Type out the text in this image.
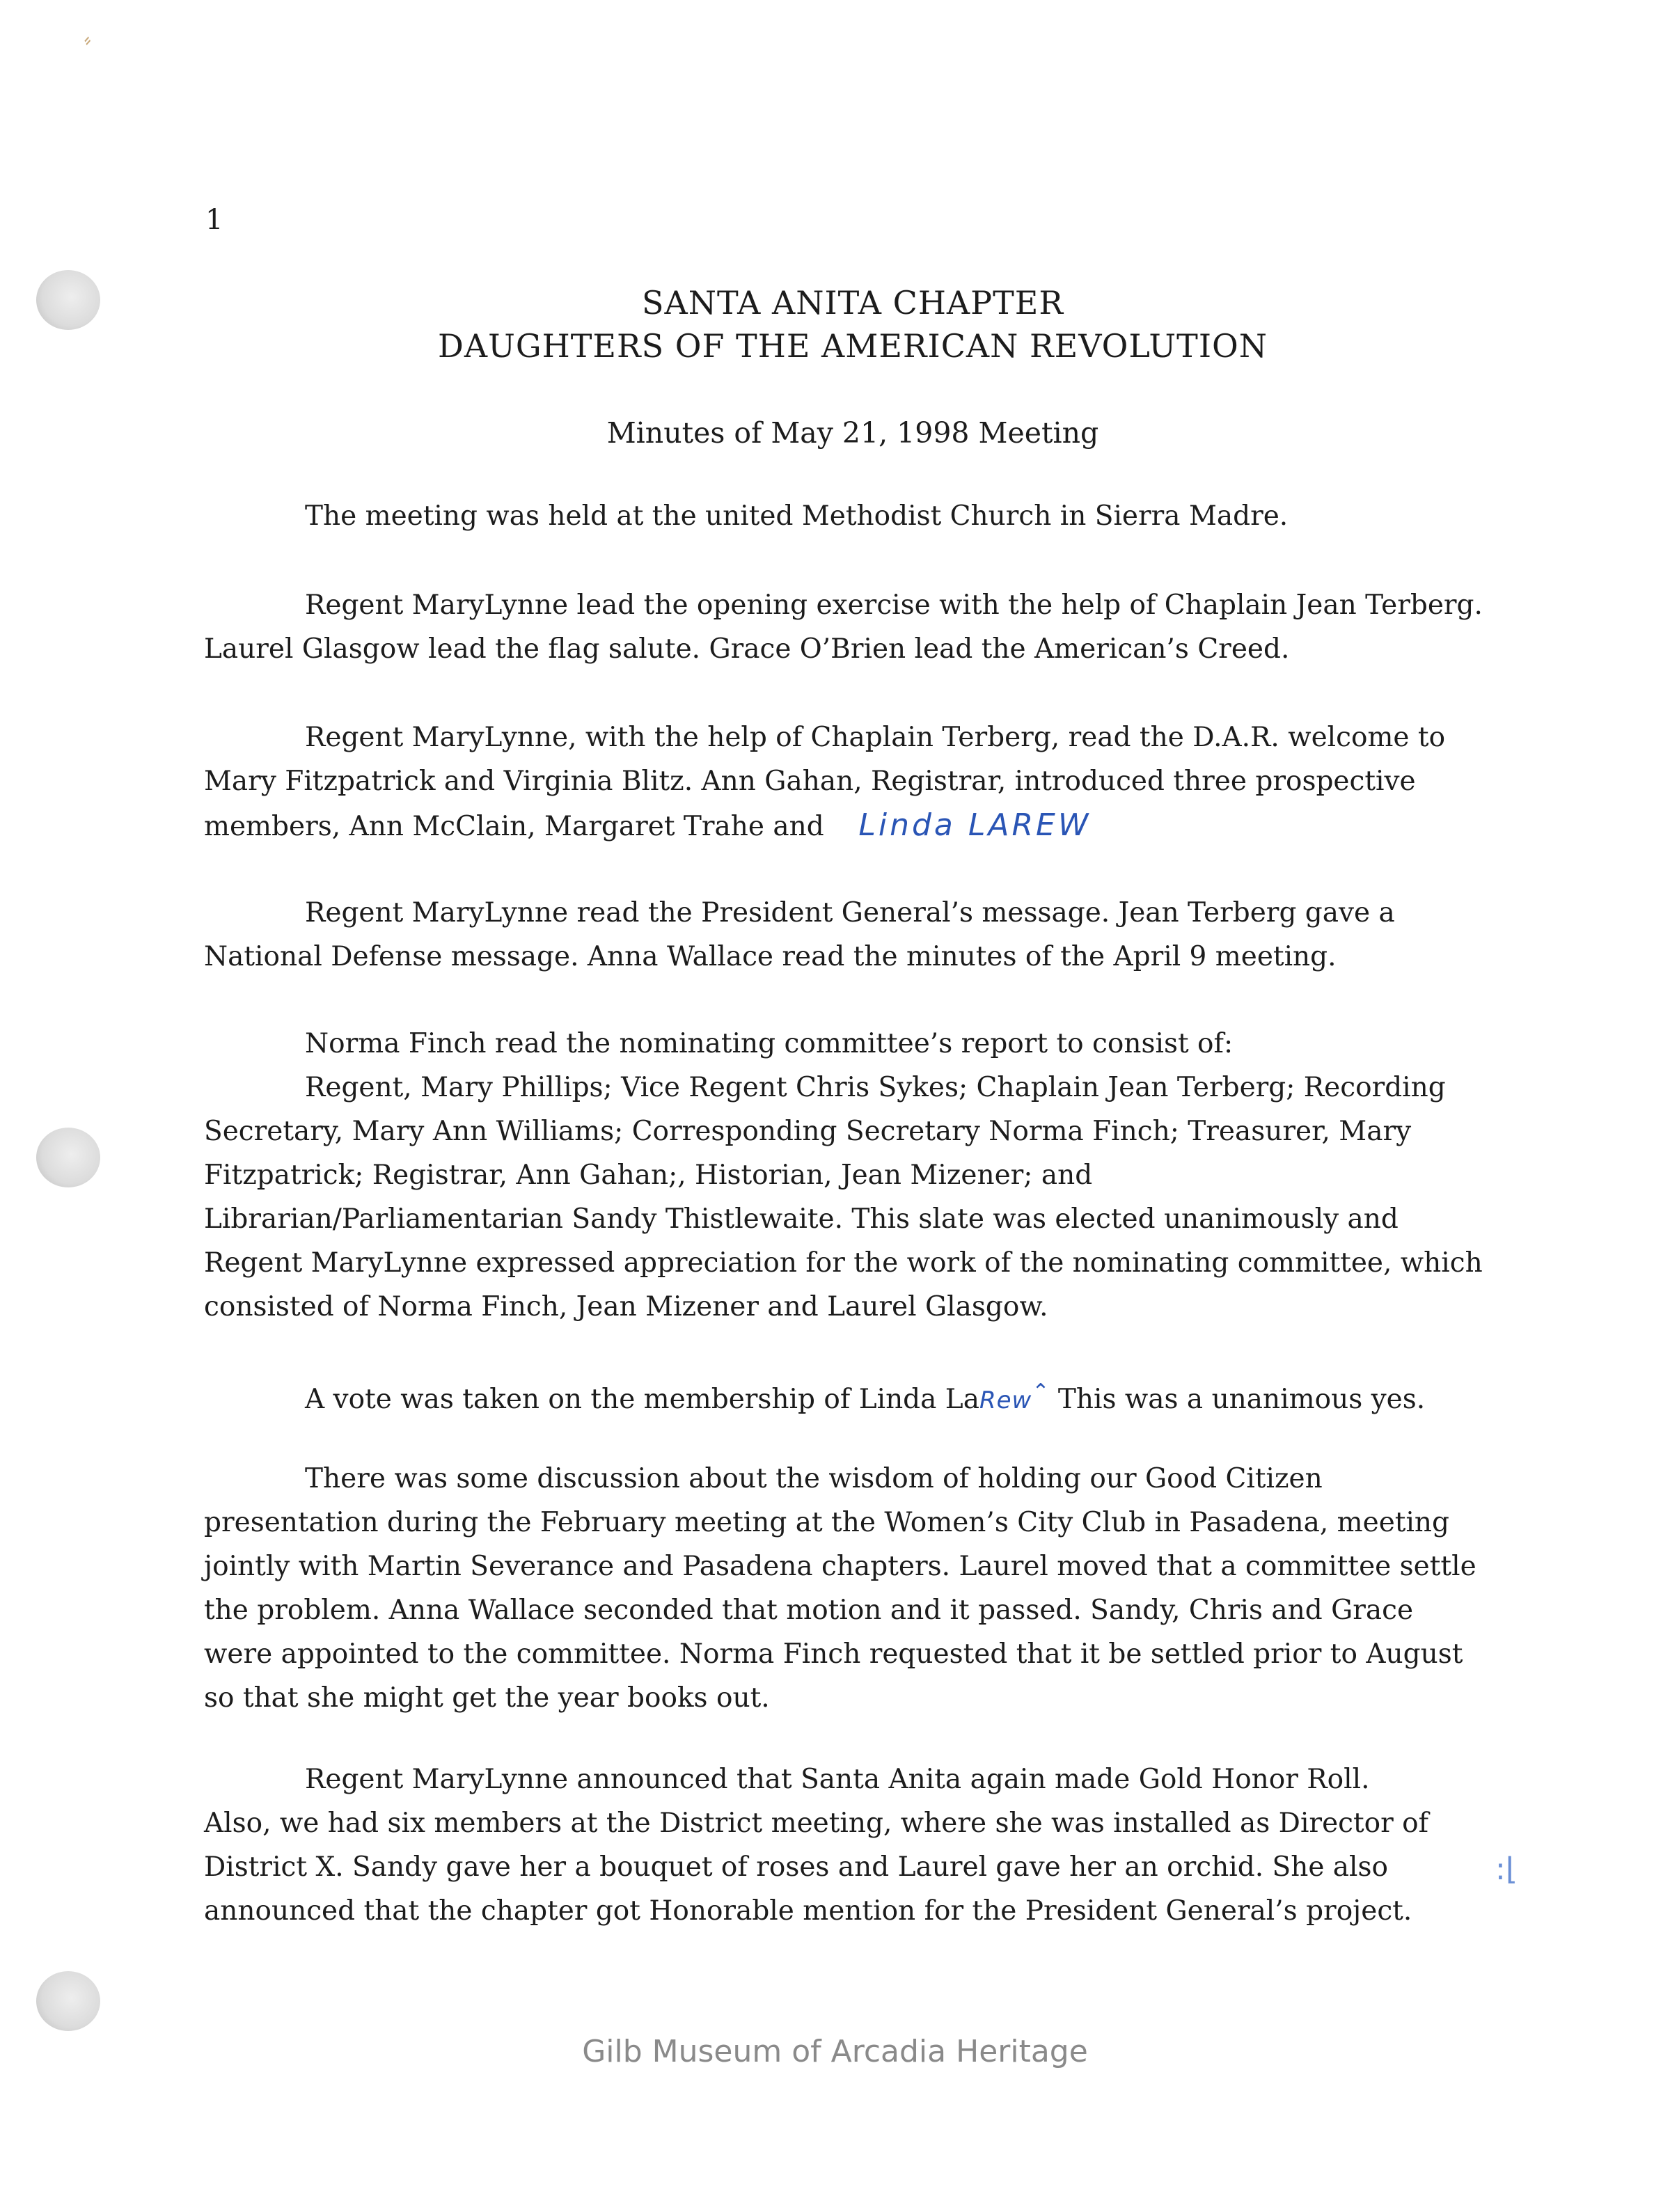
⸗
1
SANTA ANITA CHAPTER
DAUGHTERS OF THE AMERICAN REVOLUTION
Minutes of May 21, 1998 Meeting

The meeting was held at the united Methodist Church in Sierra Madre.

Regent MaryLynne lead the opening exercise with the help of Chaplain Jean Terberg.
Laurel Glasgow lead the flag salute. Grace O’Brien lead the American’s Creed.

Regent MaryLynne, with the help of Chaplain Terberg, read the D.A.R. welcome to
Mary Fitzpatrick and Virginia Blitz. Ann Gahan, Registrar, introduced three prospective
members, Ann McClain, Margaret Trahe and Linda LAREW

Regent MaryLynne read the President General’s message. Jean Terberg gave a
National Defense message. Anna Wallace read the minutes of the April 9 meeting.

Norma Finch read the nominating committee’s report to consist of:
Regent, Mary Phillips; Vice Regent Chris Sykes; Chaplain Jean Terberg; Recording
Secretary, Mary Ann Williams; Corresponding Secretary Norma Finch; Treasurer, Mary
Fitzpatrick; Registrar, Ann Gahan;, Historian, Jean Mizener; and
Librarian/Parliamentarian Sandy Thistlewaite. This slate was elected unanimously and
Regent MaryLynne expressed appreciation for the work of the nominating committee, which
consisted of Norma Finch, Jean Mizener and Laurel Glasgow.

A vote was taken on the membership of Linda LaRew⌃ This was a unanimous yes.

There was some discussion about the wisdom of holding our Good Citizen
presentation during the February meeting at the Women’s City Club in Pasadena, meeting
jointly with Martin Severance and Pasadena chapters. Laurel moved that a committee settle
the problem. Anna Wallace seconded that motion and it passed. Sandy, Chris and Grace
were appointed to the committee. Norma Finch requested that it be settled prior to August
so that she might get the year books out.

Regent MaryLynne announced that Santa Anita again made Gold Honor Roll.
Also, we had six members at the District meeting, where she was installed as Director of
District X. Sandy gave her a bouquet of roses and Laurel gave her an orchid. She also
announced that the chapter got Honorable mention for the President General’s project.

:⌊
Gilb Museum of Arcadia Heritage
